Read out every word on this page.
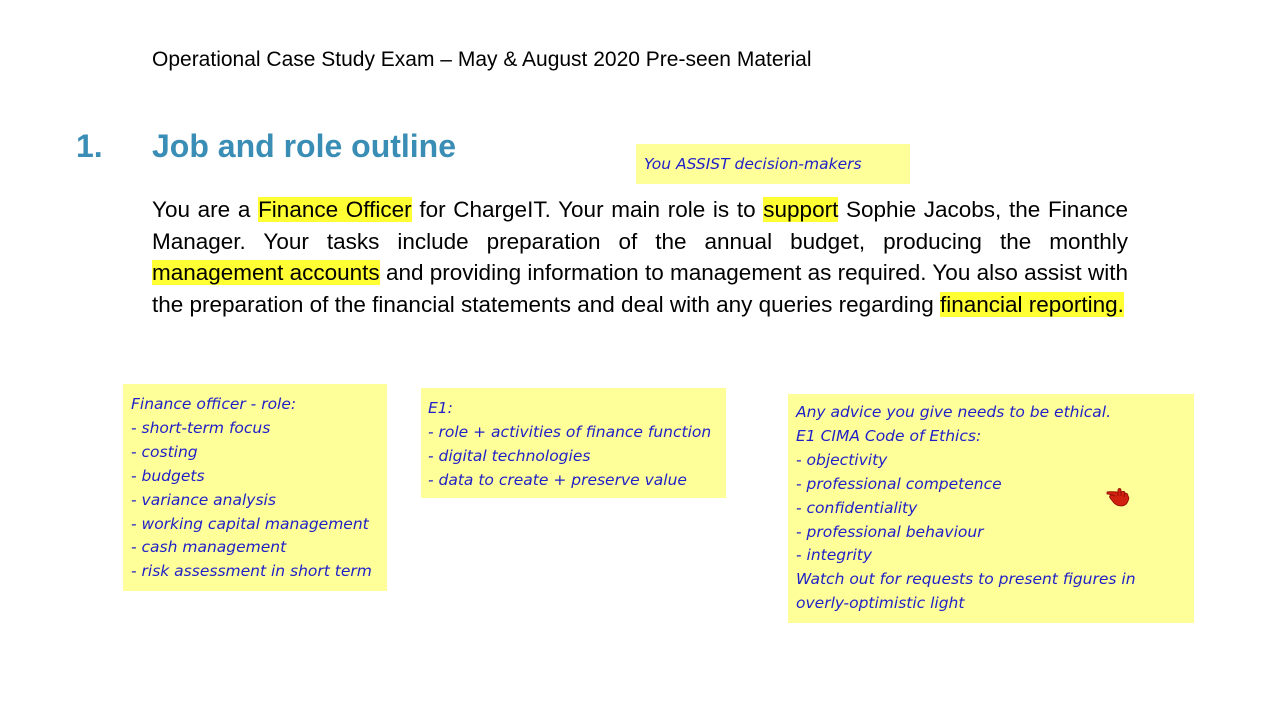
Operational Case Study Exam – May & August 2020 Pre-seen Material
1. Job and role outline
You are a Finance Officer for ChargeIT. Your main role is to support Sophie Jacobs, the Finance Manager. Your tasks include preparation of the annual budget, producing the monthly management accounts and providing information to management as required. You also assist with the preparation of the financial statements and deal with any queries regarding financial reporting.
You ASSIST decision-makers
Finance officer - role:
- short-term focus
- costing
- budgets
- variance analysis
- working capital management
- cash management
- risk assessment in short term
E1:
- role + activities of finance function
- digital technologies
- data to create + preserve value
Any advice you give needs to be ethical.
E1 CIMA Code of Ethics:
- objectivity
- professional competence
- confidentiality
- professional behaviour
- integrity
Watch out for requests to present figures in
overly-optimistic light
